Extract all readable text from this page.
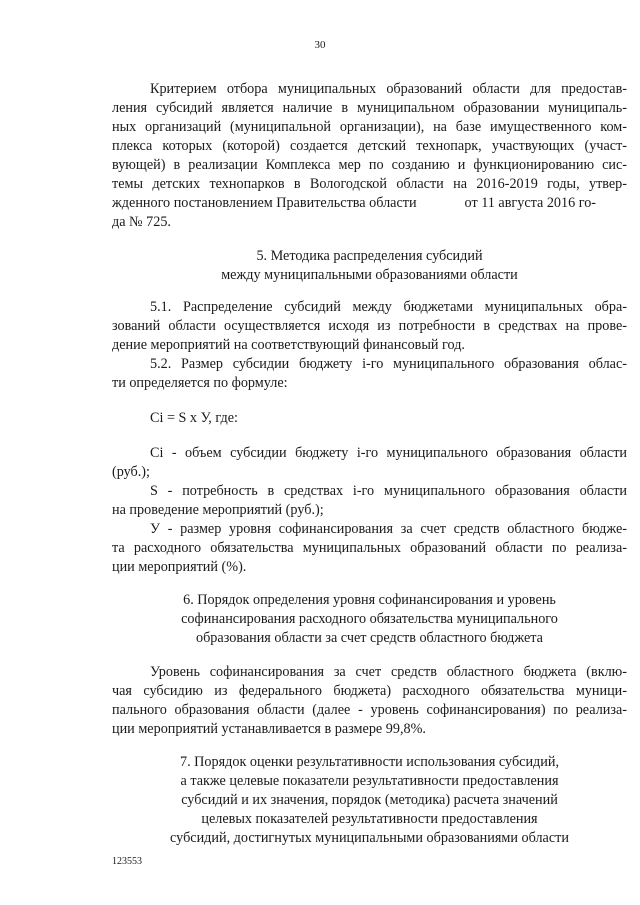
30
Критерием отбора муниципальных образований области для предостав-
ления субсидий является наличие в муниципальном образовании муниципаль-
ных организаций (муниципальной организации), на базе имущественного ком-
плекса которых (которой) создается детский технопарк, участвующих (участ-
вующей) в реализации Комплекса мер по созданию и функционированию сис-
темы детских технопарков в Вологодской области на 2016-2019 годы, утвер-
жденного постановлением Правительства области	от 11 августа 2016 го-
да № 725.
5. Методика распределения субсидий
между муниципальными образованиями области
5.1. Распределение субсидий между бюджетами муниципальных обра-
зований области осуществляется исходя из потребности в средствах на прове-
дение мероприятий на соответствующий финансовый год.
5.2. Размер субсидии бюджету i-го муниципального образования облас-
ти определяется по формуле:
Ci = S x У, где:
Ci - объем субсидии бюджету i-го муниципального образования области
(руб.);
S - потребность в средствах i-го муниципального образования области
на проведение мероприятий (руб.);
У - размер уровня софинансирования за счет средств областного бюдже-
та расходного обязательства муниципальных образований области по реализа-
ции мероприятий (%).
6. Порядок определения уровня софинансирования и уровень
софинансирования расходного обязательства муниципального
образования области за счет средств областного бюджета
Уровень софинансирования за счет средств областного бюджета (вклю-
чая субсидию из федерального бюджета) расходного обязательства муници-
пального образования области (далее - уровень софинансирования) по реализа-
ции мероприятий устанавливается в размере 99,8%.
7. Порядок оценки результативности использования субсидий,
а также целевые показатели результативности предоставления
субсидий и их значения, порядок (методика) расчета значений
целевых показателей результативности предоставления
субсидий, достигнутых муниципальными образованиями области
123553
